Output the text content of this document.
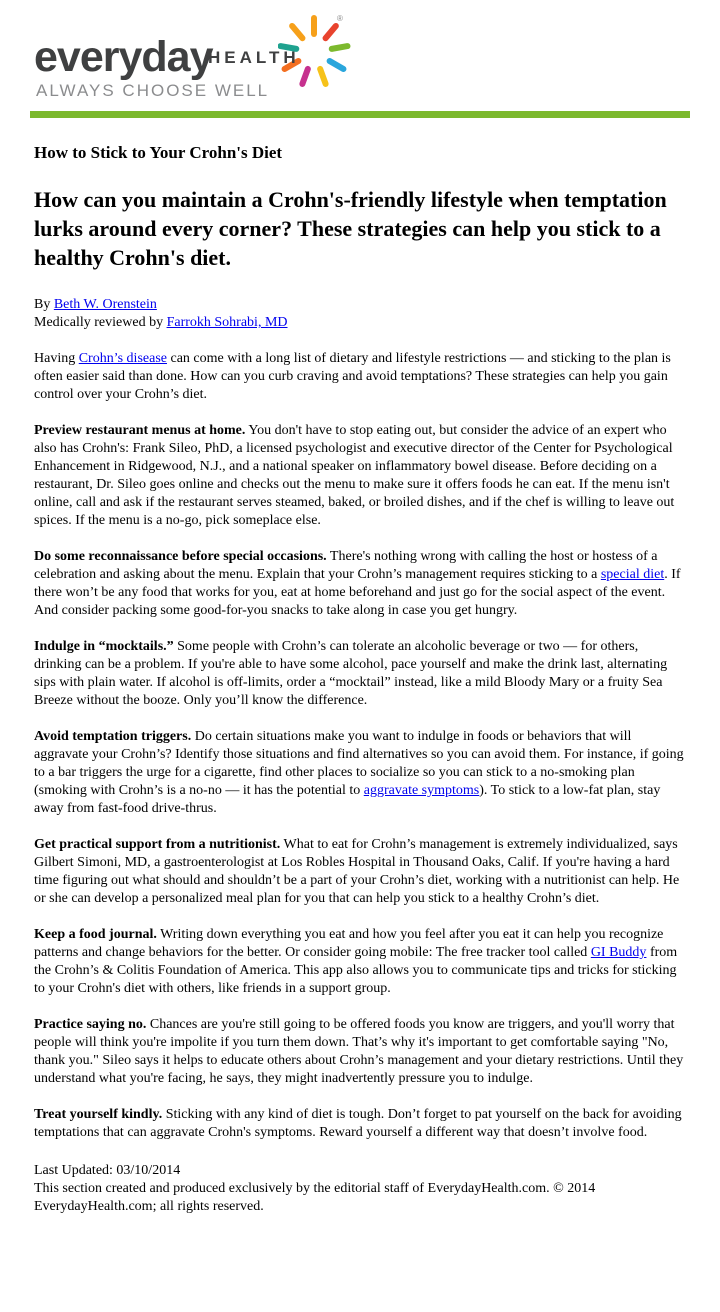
®
everyday
HEALTH
ALWAYS CHOOSE WELL
How to Stick to Your Crohn's Diet
How can you maintain a Crohn's-friendly lifestyle when temptation lurks around every corner? These strategies can help you stick to a healthy Crohn's diet.
By Beth W. Orenstein
Medically reviewed by Farrokh Sohrabi, MD

Having Crohn’s disease can come with a long list of dietary and lifestyle restrictions — and sticking to the plan is often easier said than done. How can you curb craving and avoid temptations? These strategies can help you gain control over your Crohn’s diet.

Preview restaurant menus at home. You don't have to stop eating out, but consider the advice of an expert who also has Crohn's: Frank Sileo, PhD, a licensed psychologist and executive director of the Center for Psychological Enhancement in Ridgewood, N.J., and a national speaker on inflammatory bowel disease. Before deciding on a restaurant, Dr. Sileo goes online and checks out the menu to make sure it offers foods he can eat. If the menu isn't online, call and ask if the restaurant serves steamed, baked, or broiled dishes, and if the chef is willing to leave out spices. If the menu is a no-go, pick someplace else.

Do some reconnaissance before special occasions. There's nothing wrong with calling the host or hostess of a celebration and asking about the menu. Explain that your Crohn’s management requires sticking to a special diet. If there won’t be any food that works for you, eat at home beforehand and just go for the social aspect of the event. And consider packing some good-for-you snacks to take along in case you get hungry.

Indulge in “mocktails.” Some people with Crohn’s can tolerate an alcoholic beverage or two — for others, drinking can be a problem. If you're able to have some alcohol, pace yourself and make the drink last, alternating sips with plain water. If alcohol is off-limits, order a “mocktail” instead, like a mild Bloody Mary or a fruity Sea Breeze without the booze. Only you’ll know the difference.

Avoid temptation triggers. Do certain situations make you want to indulge in foods or behaviors that will aggravate your Crohn’s? Identify those situations and find alternatives so you can avoid them. For instance, if going to a bar triggers the urge for a cigarette, find other places to socialize so you can stick to a no-smoking plan (smoking with Crohn’s is a no-no — it has the potential to aggravate symptoms). To stick to a low-fat plan, stay away from fast-food drive-thrus.

Get practical support from a nutritionist. What to eat for Crohn’s management is extremely individualized, says Gilbert Simoni, MD, a gastroenterologist at Los Robles Hospital in Thousand Oaks, Calif. If you're having a hard time figuring out what should and shouldn’t be a part of your Crohn’s diet, working with a nutritionist can help. He or she can develop a personalized meal plan for you that can help you stick to a healthy Crohn’s diet.

Keep a food journal. Writing down everything you eat and how you feel after you eat it can help you recognize patterns and change behaviors for the better. Or consider going mobile: The free tracker tool called GI Buddy from the Crohn’s & Colitis Foundation of America. This app also allows you to communicate tips and tricks for sticking to your Crohn's diet with others, like friends in a support group.

Practice saying no. Chances are you're still going to be offered foods you know are triggers, and you'll worry that people will think you're impolite if you turn them down. That’s why it's important to get comfortable saying "No, thank you." Sileo says it helps to educate others about Crohn’s management and your dietary restrictions. Until they understand what you're facing, he says, they might inadvertently pressure you to indulge.

Treat yourself kindly. Sticking with any kind of diet is tough. Don’t forget to pat yourself on the back for avoiding temptations that can aggravate Crohn's symptoms. Reward yourself a different way that doesn’t involve food.

Last Updated: 03/10/2014
This section created and produced exclusively by the editorial staff of EverydayHealth.com. © 2014 EverydayHealth.com; all rights reserved.
